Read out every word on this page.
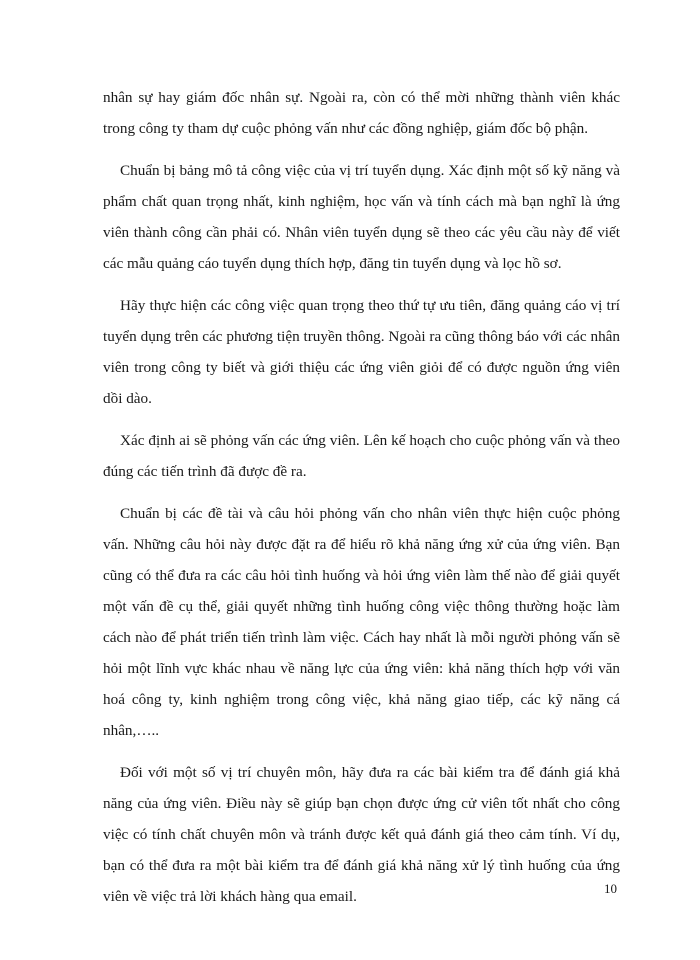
nhân sự hay giám đốc nhân sự. Ngoài ra, còn có thể mời những thành viên khác trong công ty tham dự cuộc phỏng vấn như các đồng nghiệp, giám đốc bộ phận.

Chuẩn bị bảng mô tả công việc của vị trí tuyển dụng. Xác định một số kỹ năng và phẩm chất quan trọng nhất, kinh nghiệm, học vấn và tính cách mà bạn nghĩ là ứng viên thành công cần phải có. Nhân viên tuyển dụng sẽ theo các yêu cầu này để viết các mẫu quảng cáo tuyển dụng thích hợp, đăng tin tuyển dụng và lọc hồ sơ.

Hãy thực hiện các công việc quan trọng theo thứ tự ưu tiên, đăng quảng cáo vị trí tuyển dụng trên các phương tiện truyền thông. Ngoài ra cũng thông báo với các nhân viên trong công ty biết và giới thiệu các ứng viên giỏi để có được nguồn ứng viên dồi dào.

Xác định ai sẽ phỏng vấn các ứng viên. Lên kế hoạch cho cuộc phỏng vấn và theo đúng các tiến trình đã được đề ra.

Chuẩn bị các đề tài và câu hỏi phỏng vấn cho nhân viên thực hiện cuộc phỏng vấn. Những câu hỏi này được đặt ra để hiểu rõ khả năng ứng xử của ứng viên. Bạn cũng có thể đưa ra các câu hỏi tình huống và hỏi ứng viên làm thế nào để giải quyết một vấn đề cụ thể, giải quyết những tình huống công việc thông thường hoặc làm cách nào để phát triển tiến trình làm việc. Cách hay nhất là mỗi người phỏng vấn sẽ hỏi một lĩnh vực khác nhau về năng lực của ứng viên: khả năng thích hợp với văn hoá công ty, kinh nghiệm trong công việc, khả năng giao tiếp, các kỹ năng cá nhân,…..

Đối với một số vị trí chuyên môn, hãy đưa ra các bài kiểm tra để đánh giá khả năng của ứng viên. Điều này sẽ giúp bạn chọn được ứng cử viên tốt nhất cho công việc có tính chất chuyên môn và tránh được kết quả đánh giá theo cảm tính. Ví dụ, bạn có thể đưa ra một bài kiểm tra để đánh giá khả năng xử lý tình huống của ứng viên về việc trả lời khách hàng qua email.	10
